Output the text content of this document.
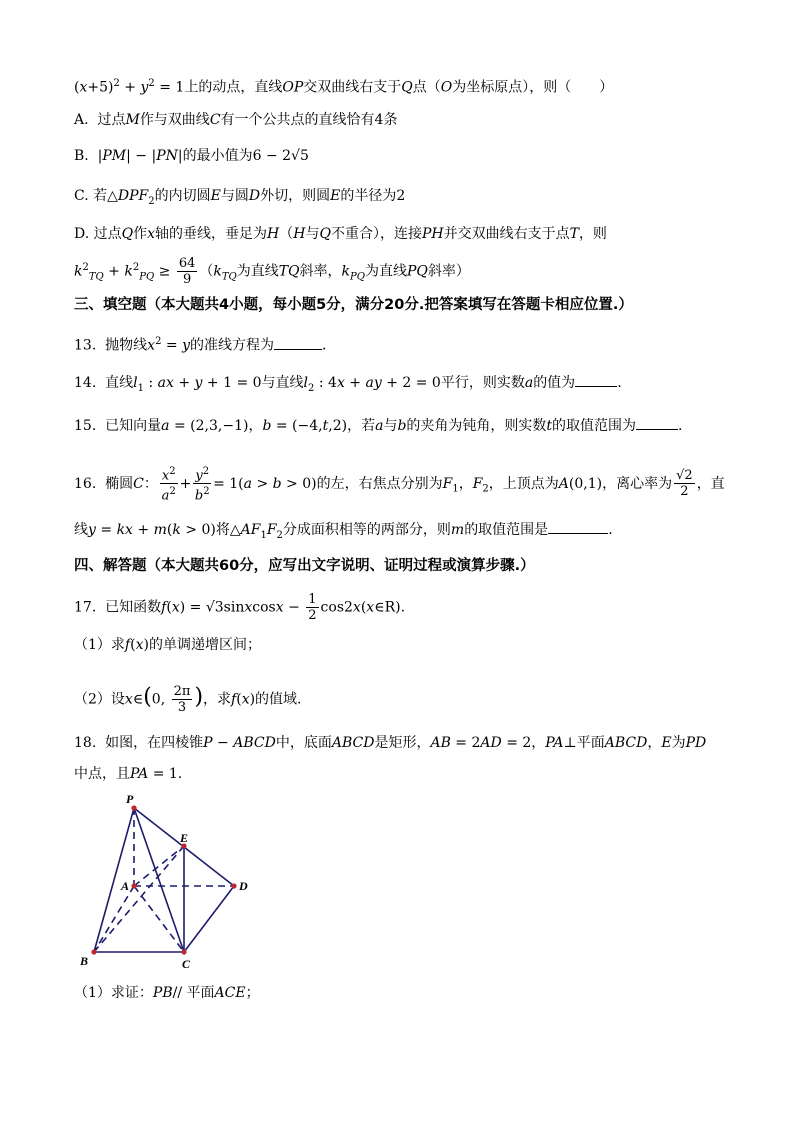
$(x+5)^2 + y^2 = 1$上的动点，直线OP交双曲线右支于Q点（O为坐标原点），则（　　）
A.  过点M作与双曲线C有一个公共点的直线恰有4条
B.  |PM| − |PN|的最小值为6 − 2√5
C. 若$\triangle DPF_2$的内切圆E与圆D外切，则圆E的半径为2
D. 过点Q作x轴的垂线，垂足为H（H与Q不重合），连接PH并交双曲线右支于点T，则
$k^2_{TQ} + k^2_{PQ} \ge \frac{64}{9} (k_{TQ}$为直线TQ斜率，$k_{PQ}$为直线PQ斜率）
三、填空题（本大题共4小题，每小题5分，满分20分.把答案填写在答题卡相应位置.）
13.  抛物线$x^2 = y$的准线方程为	.
14.  直线$l_1$ : ax + y + 1 = 0与直线$l_2$ : 4x + ay + 2 = 0平行，则实数a的值为	.
15.  已知向量a = (2,3,−1)，b = (−4,t,2)，若a与b的夹角为钝角，则实数t的取值范围为	.
16.  椭圆C： $\frac{x^2}{a^2} + \frac{y^2}{b^2} = 1(a > b > 0)$的左，右焦点分别为$F_1$，$F_2$，上顶点为A(0,1)，离心率为 $\frac{√2}{2}$ ，直
线y = kx + m(k > 0)将$\triangle AF_1F_2$分成面积相等的两部分，则m的取值范围是	.
四、解答题（本大题共60分，应写出文字说明、证明过程或演算步骤.）
17.  已知函数f(x) = √3sinxcosx − $\frac{1}{2}$ cos2x(x∈R).
（1）求f(x)的单调递增区间；
（2）设x∈(0, $\frac{2\pi}{3}$ )，求f(x)的值域.
18.  如图，在四棱锥P − ABCD中，底面ABCD是矩形，AB = 2AD = 2，PA⊥平面ABCD，E为PD
中点，且PA = 1.
P
E
A	D
B	C
（1）求证：PB// 平面ACE；
